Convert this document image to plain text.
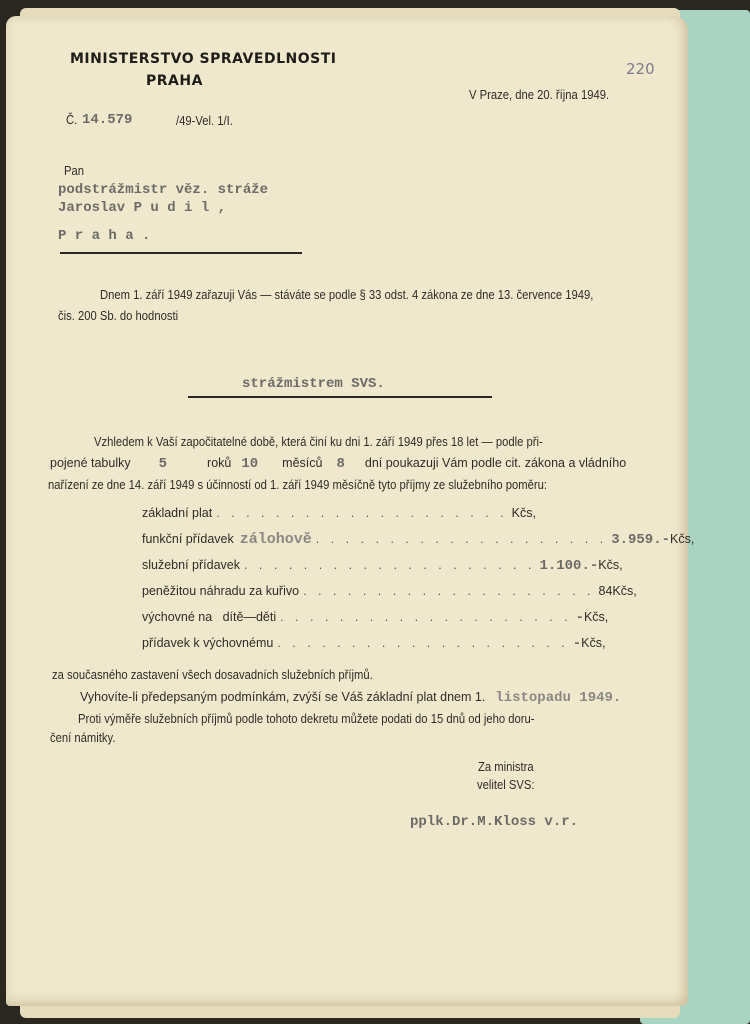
MINISTERSTVO SPRAVEDLNOSTI
PRAHA
220
V Praze, dne 20. října 1949.
Č. 14.579	/49-Vel. 1/I.
Pan
podstrážmistr věz. stráže
Jaroslav P u d i l ,
P r a h a .
Dnem 1. září 1949 zařazuji Vás — stáváte se podle § 33 odst. 4 zákona ze dne 13. července 1949,
čis. 200 Sb. do hodnosti
strážmistrem SVS.
Vzhledem k Vaší započitatelné době, která činí ku dni 1. září 1949 přes 18 let — podle při-
pojené tabulky 5	roků 10 měsíců 8 dní poukazuji Vám podle cit. zákona a vládního
nařízení ze dne 14. září 1949 s účinností od 1. září 1949 měsíčně tyto příjmy ze služebního poměru:
základní plat . . . . . . . . . . . . . . . . . . . . Kčs,
funkční přídavek zálohově . . . . . . . . . . . . . . . . . . . . 3.959.- Kčs,
služební přídavek . . . . . . . . . . . . . . . . . . . . 1.100.- Kčs,
peněžitou náhradu za kuřivo . . . . . . . . . . . . . . . . . . . . 84 Kčs,
výchovné na   dítě—děti . . . . . . . . . . . . . . . . . . . . - Kčs,
přídavek k výchovnému . . . . . . . . . . . . . . . . . . . . - Kčs,
za současného zastavení všech dosavadních služebních příjmů.
Vyhovíte-li předepsaným podmínkám, zvýší se Váš základní plat dnem 1. listopadu 1949.
Proti výměře služebních příjmů podle tohoto dekretu můžete podati do 15 dnů od jeho doru-
čení námitky.
Za ministra
velitel SVS:
pplk.Dr.M.Kloss v.r.
